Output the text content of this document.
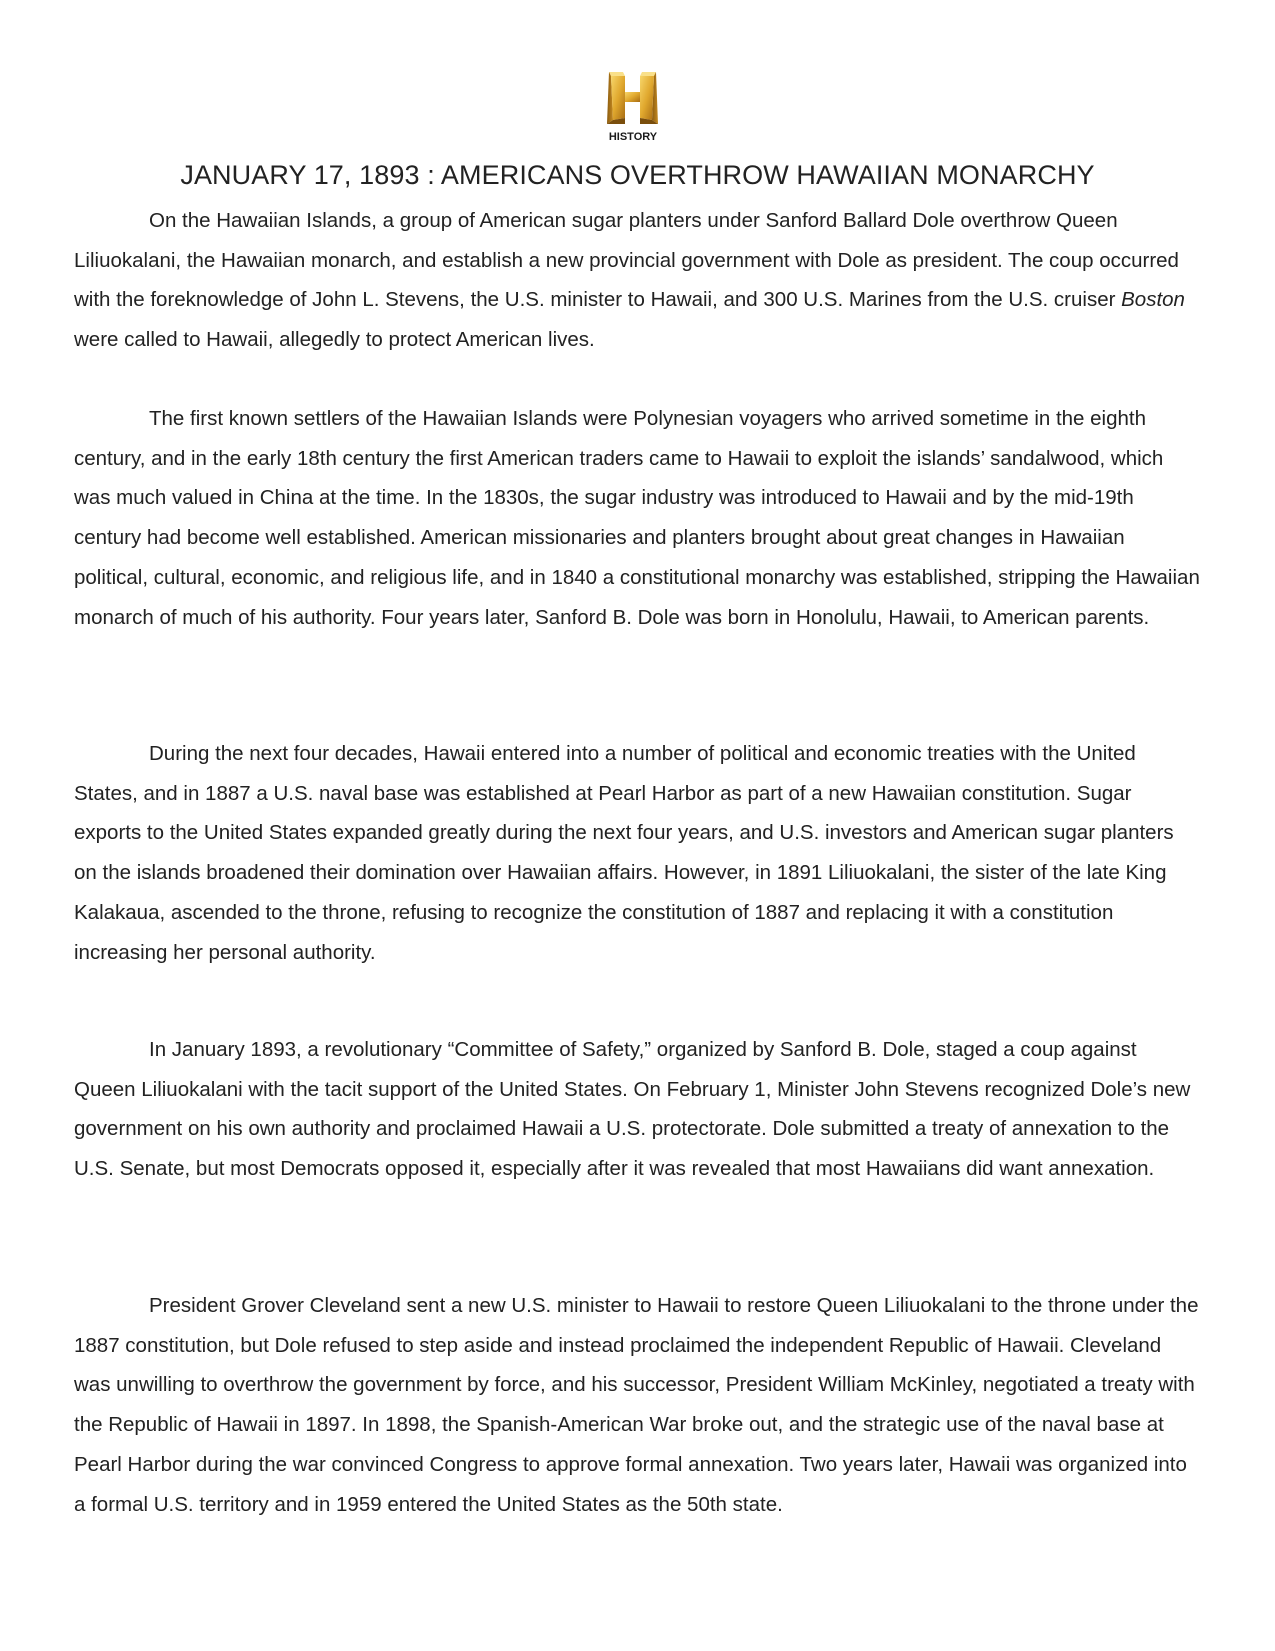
HISTORY
JANUARY 17, 1893 : AMERICANS OVERTHROW HAWAIIAN MONARCHY

On the Hawaiian Islands, a group of American sugar planters under Sanford Ballard Dole overthrow Queen Liliuokalani, the Hawaiian monarch, and establish a new provincial government with Dole as president. The coup occurred with the foreknowledge of John L. Stevens, the U.S. minister to Hawaii, and 300 U.S. Marines from the U.S. cruiser Boston were called to Hawaii, allegedly to protect American lives.

The first known settlers of the Hawaiian Islands were Polynesian voyagers who arrived sometime in the eighth century, and in the early 18th century the first American traders came to Hawaii to exploit the islands’ sandalwood, which was much valued in China at the time. In the 1830s, the sugar industry was introduced to Hawaii and by the mid-19th century had become well established. American missionaries and planters brought about great changes in Hawaiian political, cultural, economic, and religious life, and in 1840 a constitutional monarchy was established, stripping the Hawaiian monarch of much of his authority. Four years later, Sanford B. Dole was born in Honolulu, Hawaii, to American parents.

During the next four decades, Hawaii entered into a number of political and economic treaties with the United States, and in 1887 a U.S. naval base was established at Pearl Harbor as part of a new Hawaiian constitution. Sugar exports to the United States expanded greatly during the next four years, and U.S. investors and American sugar planters on the islands broadened their domination over Hawaiian affairs. However, in 1891 Liliuokalani, the sister of the late King Kalakaua, ascended to the throne, refusing to recognize the constitution of 1887 and replacing it with a constitution increasing her personal authority.

In January 1893, a revolutionary “Committee of Safety,” organized by Sanford B. Dole, staged a coup against Queen Liliuokalani with the tacit support of the United States. On February 1, Minister John Stevens recognized Dole’s new government on his own authority and proclaimed Hawaii a U.S. protectorate. Dole submitted a treaty of annexation to the U.S. Senate, but most Democrats opposed it, especially after it was revealed that most Hawaiians did want annexation.

President Grover Cleveland sent a new U.S. minister to Hawaii to restore Queen Liliuokalani to the throne under the 1887 constitution, but Dole refused to step aside and instead proclaimed the independent Republic of Hawaii. Cleveland was unwilling to overthrow the government by force, and his successor, President William McKinley, negotiated a treaty with the Republic of Hawaii in 1897. In 1898, the Spanish-American War broke out, and the strategic use of the naval base at Pearl Harbor during the war convinced Congress to approve formal annexation. Two years later, Hawaii was organized into a formal U.S. territory and in 1959 entered the United States as the 50th state.
